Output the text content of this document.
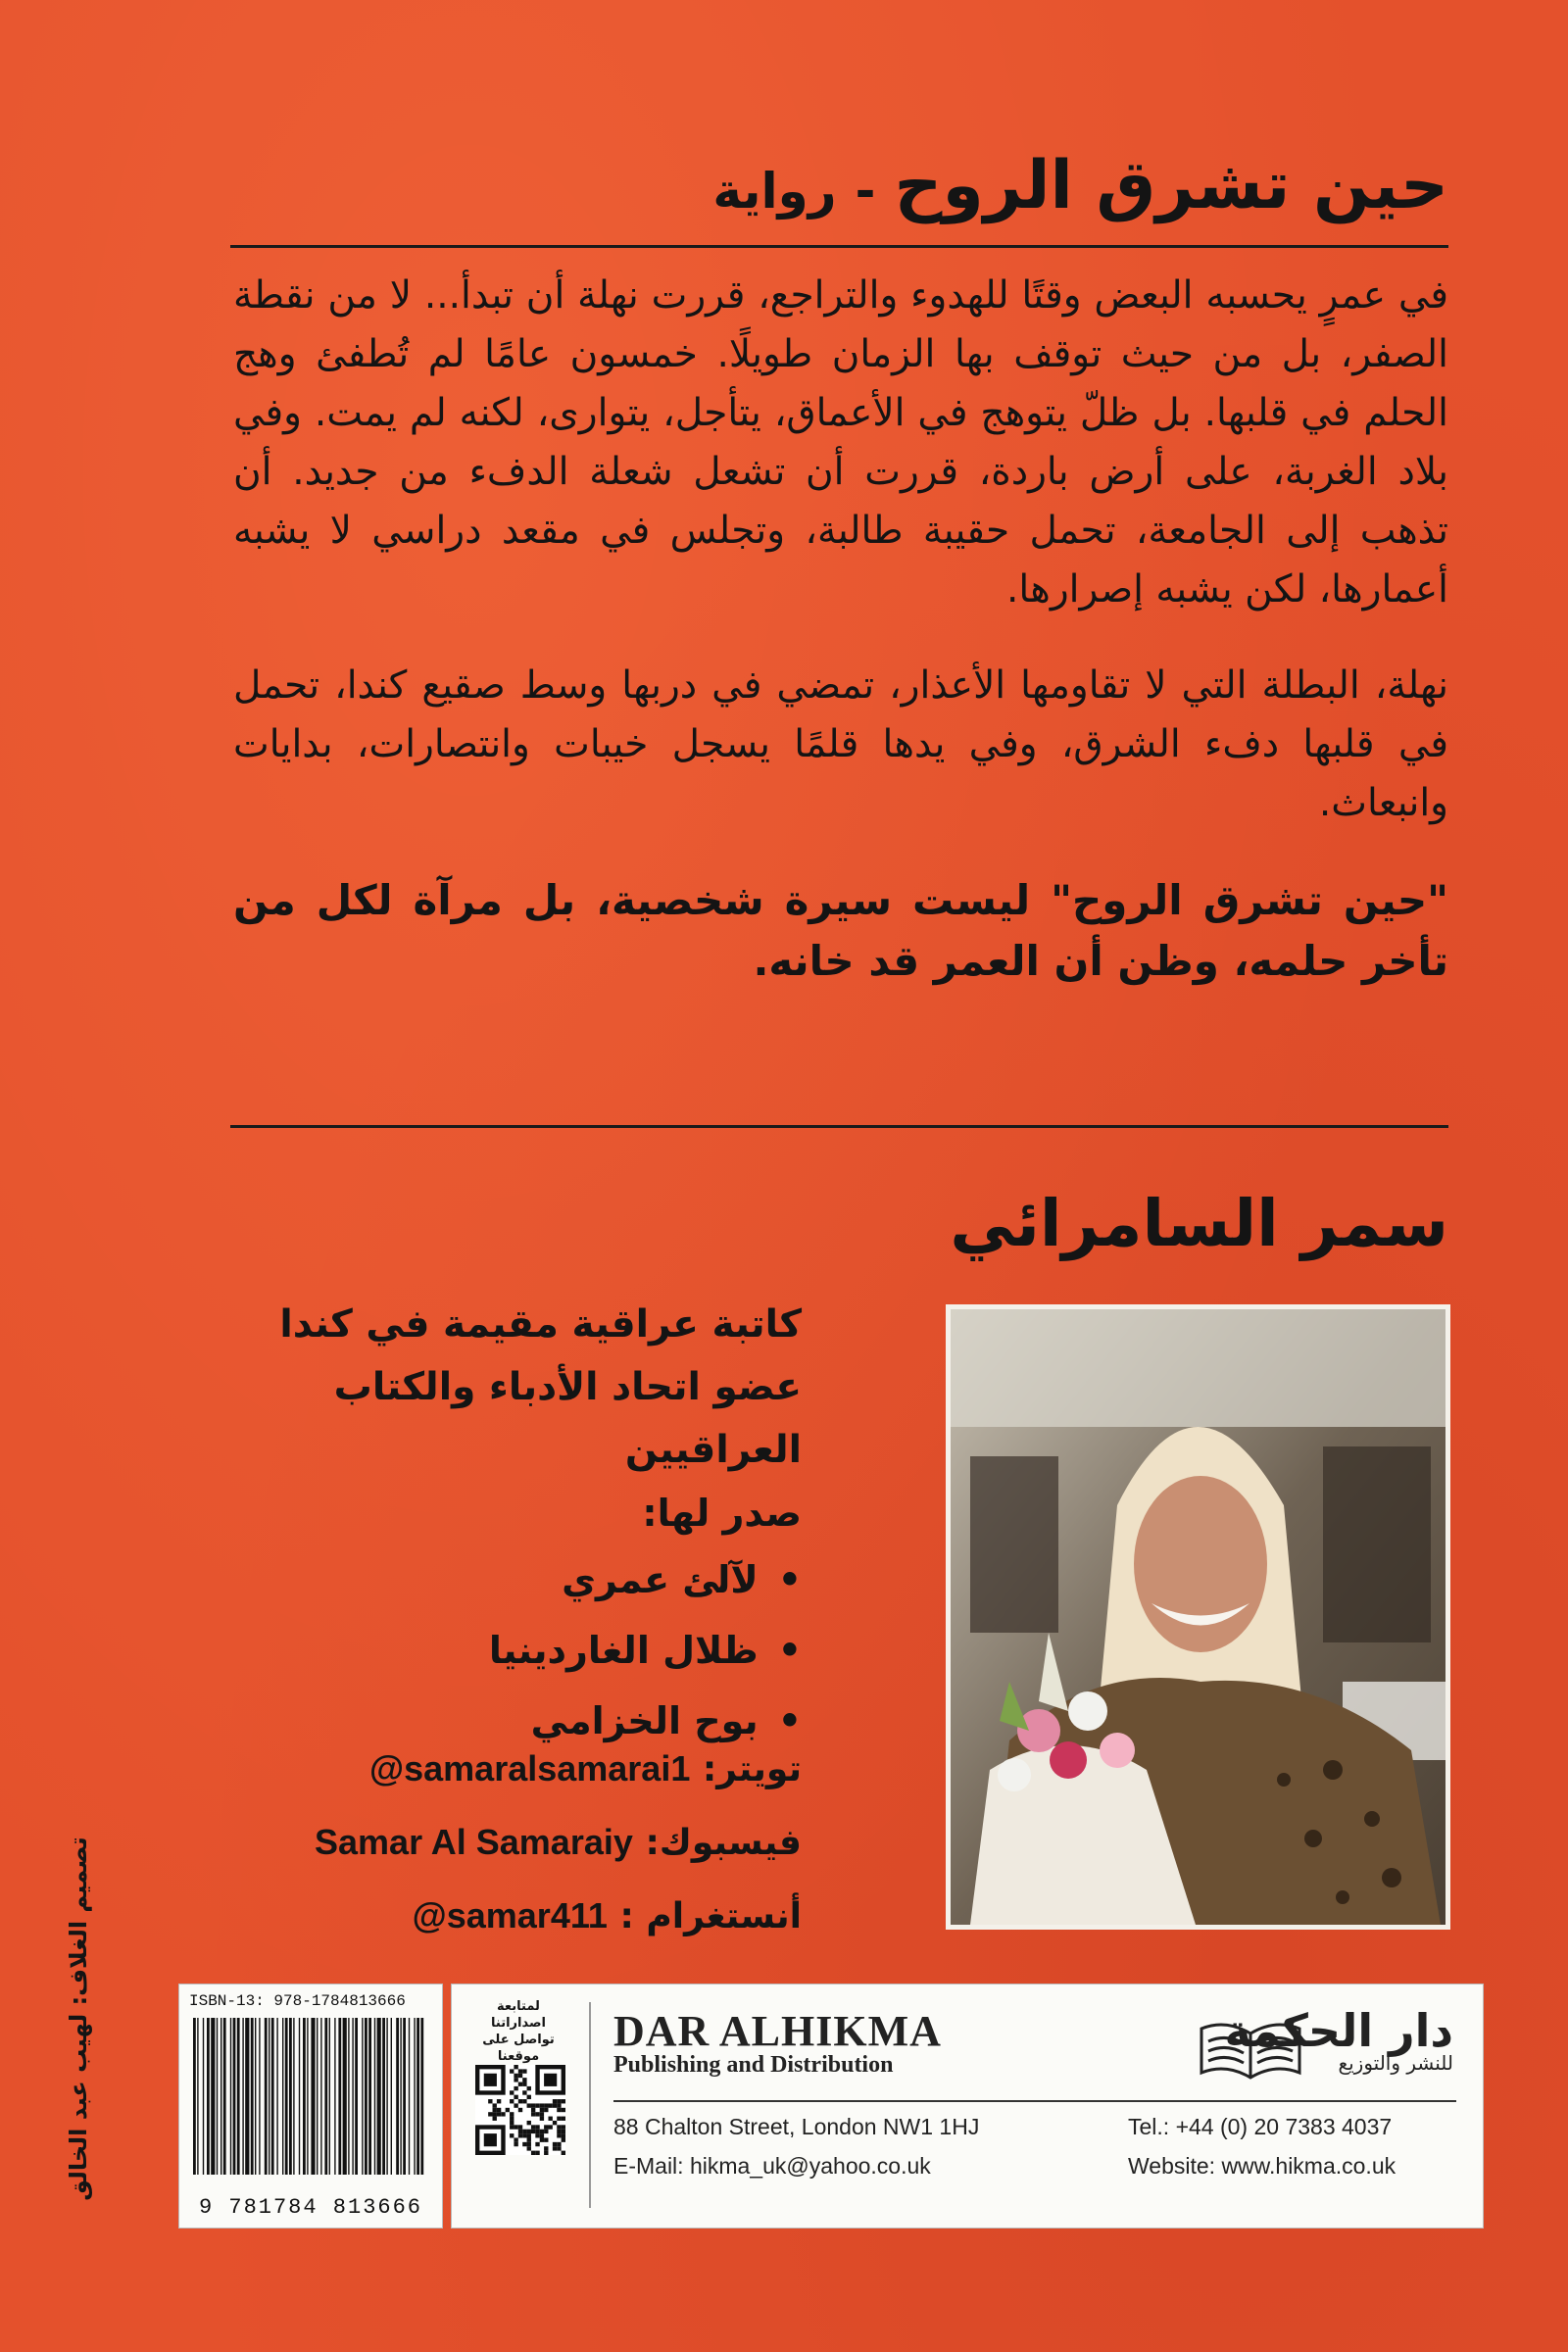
حين تشرق الروح - رواية

في عمرٍ يحسبه البعض وقتًا للهدوء والتراجع، قررت نهلة أن تبدأ... لا من نقطة الصفر، بل من حيث توقف بها الزمان طويلًا. خمسون عامًا لم تُطفئ وهج الحلم في قلبها. بل ظلّ يتوهج في الأعماق، يتأجل، يتوارى، لكنه لم يمت. وفي بلاد الغربة، على أرض باردة، قررت أن تشعل شعلة الدفء من جديد. أن تذهب إلى الجامعة، تحمل حقيبة طالبة، وتجلس في مقعد دراسي لا يشبه أعمارها، لكن يشبه إصرارها.

نهلة، البطلة التي لا تقاومها الأعذار، تمضي في دربها وسط صقيع كندا، تحمل في قلبها دفء الشرق، وفي يدها قلمًا يسجل خيبات وانتصارات، بدايات وانبعاث.

"حين تشرق الروح" ليست سيرة شخصية، بل مرآة لكل من تأخر حلمه، وظن أن العمر قد خانه.

سمر السامرائي
كاتبة عراقية مقيمة في كندا
عضو اتحاد الأدباء والكتاب العراقيين
صدر لها:
•لآلئ عمري
•ظلال الغاردينيا
•بوح الخزامي
تويتر: @samaralsamarai1
فيسبوك: Samar Al Samaraiy
أنستغرام : @samar411
تصميم الغلاف: لهيب عبد الخالق	ISBN-13: 978-1784813666
9 781784 813666
لمتابعة اصداراتنا تواصل على موقعنا
DAR ALHIKMA
Publishing and Distribution
دار الحكمة
للنشر والتوزيع
88 Chalton Street, London NW1 1HJ	Tel.: +44 (0) 20 7383 4037
E-Mail: hikma_uk@yahoo.co.uk	Website: www.hikma.co.uk
